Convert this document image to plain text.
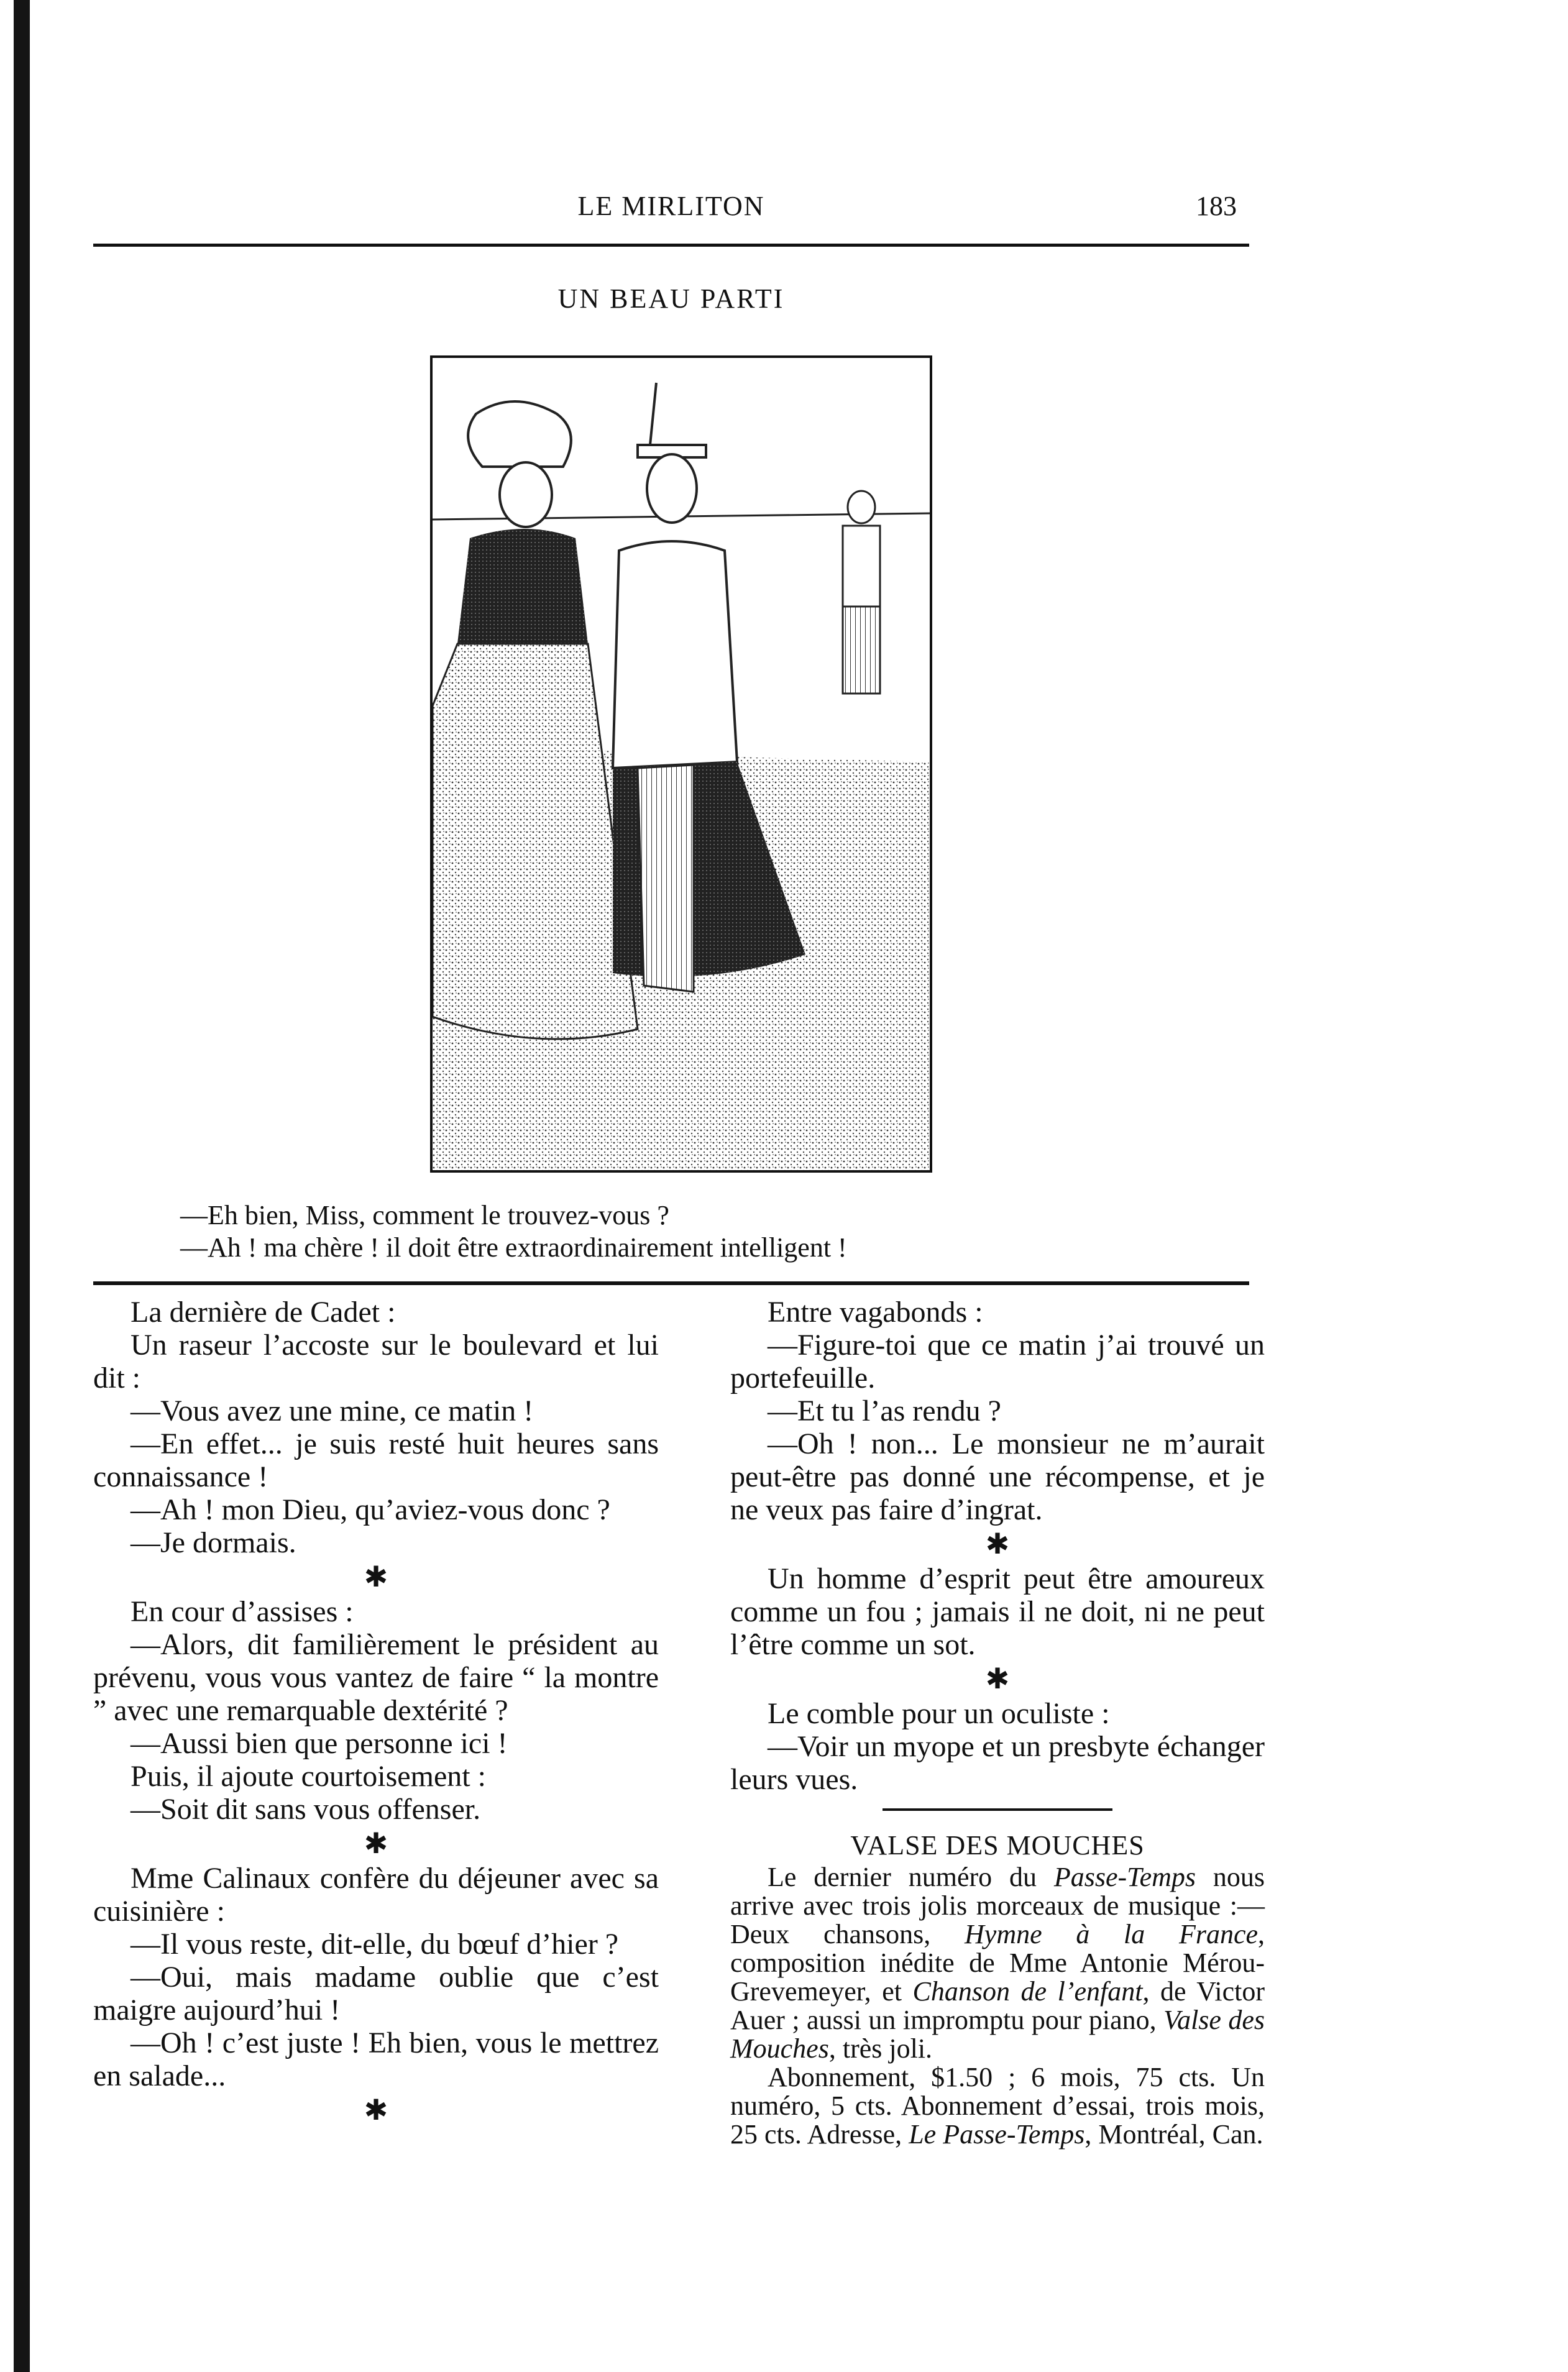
LE MIRLITON	183
UN BEAU PARTI

—Eh bien, Miss, comment le trouvez-vous ?

—Ah ! ma chère ! il doit être extraordinairement intelligent !

La dernière de Cadet :

Un raseur l’accoste sur le boulevard et lui dit :

—Vous avez une mine, ce matin !

—En effet... je suis resté huit heures sans connaissance !

—Ah ! mon Dieu, qu’aviez-vous donc ?

—Je dormais.

✱

En cour d’assises :

—Alors, dit familièrement le président au prévenu, vous vous vantez de faire “ la montre ” avec une remarquable dextérité ?

—Aussi bien que personne ici !

Puis, il ajoute courtoisement :

—Soit dit sans vous offenser.

✱

Mme Calinaux confère du déjeuner avec sa cuisinière :

—Il vous reste, dit-elle, du bœuf d’hier ?

—Oui, mais madame oublie que c’est maigre aujourd’hui !

—Oh ! c’est juste ! Eh bien, vous le mettrez en salade...

✱

Entre vagabonds :

—Figure-toi que ce matin j’ai trouvé un portefeuille.

—Et tu l’as rendu ?

—Oh ! non... Le monsieur ne m’aurait peut-être pas donné une récompense, et je ne veux pas faire d’ingrat.

✱

Un homme d’esprit peut être amoureux comme un fou ; jamais il ne doit, ni ne peut l’être comme un sot.

✱

Le comble pour un oculiste :

—Voir un myope et un presbyte échanger leurs vues.

VALSE DES MOUCHES

Le dernier numéro du Passe-Temps nous arrive avec trois jolis morceaux de musique :—Deux chansons, Hymne à la France, composition inédite de Mme Antonie Mérou-Grevemeyer, et Chanson de l’enfant, de Victor Auer ; aussi un impromptu pour piano, Valse des Mouches, très joli.

Abonnement, $1.50 ; 6 mois, 75 cts. Un numéro, 5 cts. Abonnement d’essai, trois mois, 25 cts. Adresse, Le Passe-Temps, Montréal, Can.
